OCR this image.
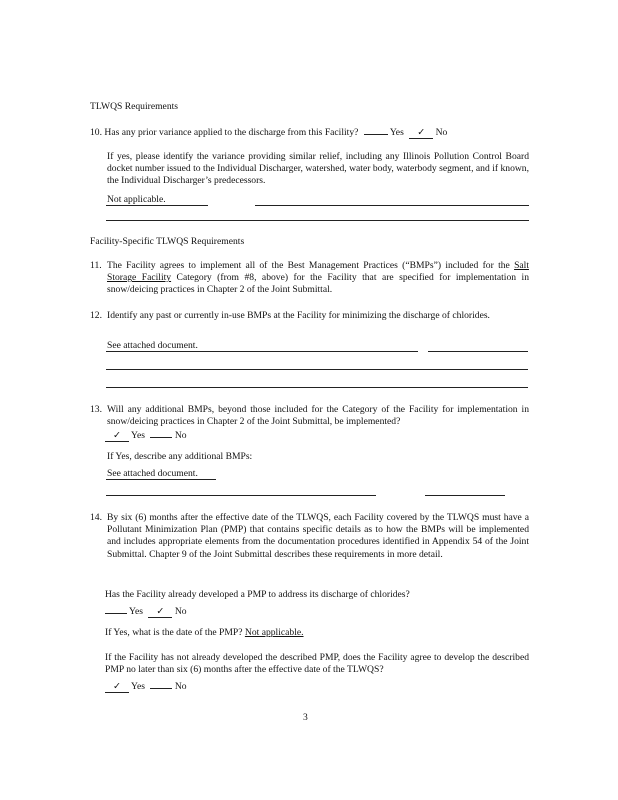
TLWQS Requirements
10. Has any prior variance applied to the discharge from this Facility?	Yes ✓ No
If yes, please identify the variance providing similar relief, including any Illinois Pollution Control Board docket number issued to the Individual Discharger, watershed, water body, waterbody segment, and if known, the Individual Discharger’s predecessors.
Not applicable.
Facility-Specific TLWQS Requirements
11. The Facility agrees to implement all of the Best Management Practices (“BMPs”) included for the Salt Storage Facility Category (from #8, above) for the Facility that are specified for implementation in snow/deicing practices in Chapter 2 of the Joint Submittal.
12. Identify any past or currently in-use BMPs at the Facility for minimizing the discharge of chlorides.
See attached document.
13. Will any additional BMPs, beyond those included for the Category of the Facility for implementation in snow/deicing practices in Chapter 2 of the Joint Submittal, be implemented?
✓ Yes	No
If Yes, describe any additional BMPs:
See attached document.
14. By six (6) months after the effective date of the TLWQS, each Facility covered by the TLWQS must have a Pollutant Minimization Plan (PMP) that contains specific details as to how the BMPs will be implemented and includes appropriate elements from the documentation procedures identified in Appendix 54 of the Joint Submittal. Chapter 9 of the Joint Submittal describes these requirements in more detail.
Has the Facility already developed a PMP to address its discharge of chlorides?
Yes ✓ No
If Yes, what is the date of the PMP? Not applicable.
If the Facility has not already developed the described PMP, does the Facility agree to develop the described PMP no later than six (6) months after the effective date of the TLWQS?
✓ Yes	No
3
